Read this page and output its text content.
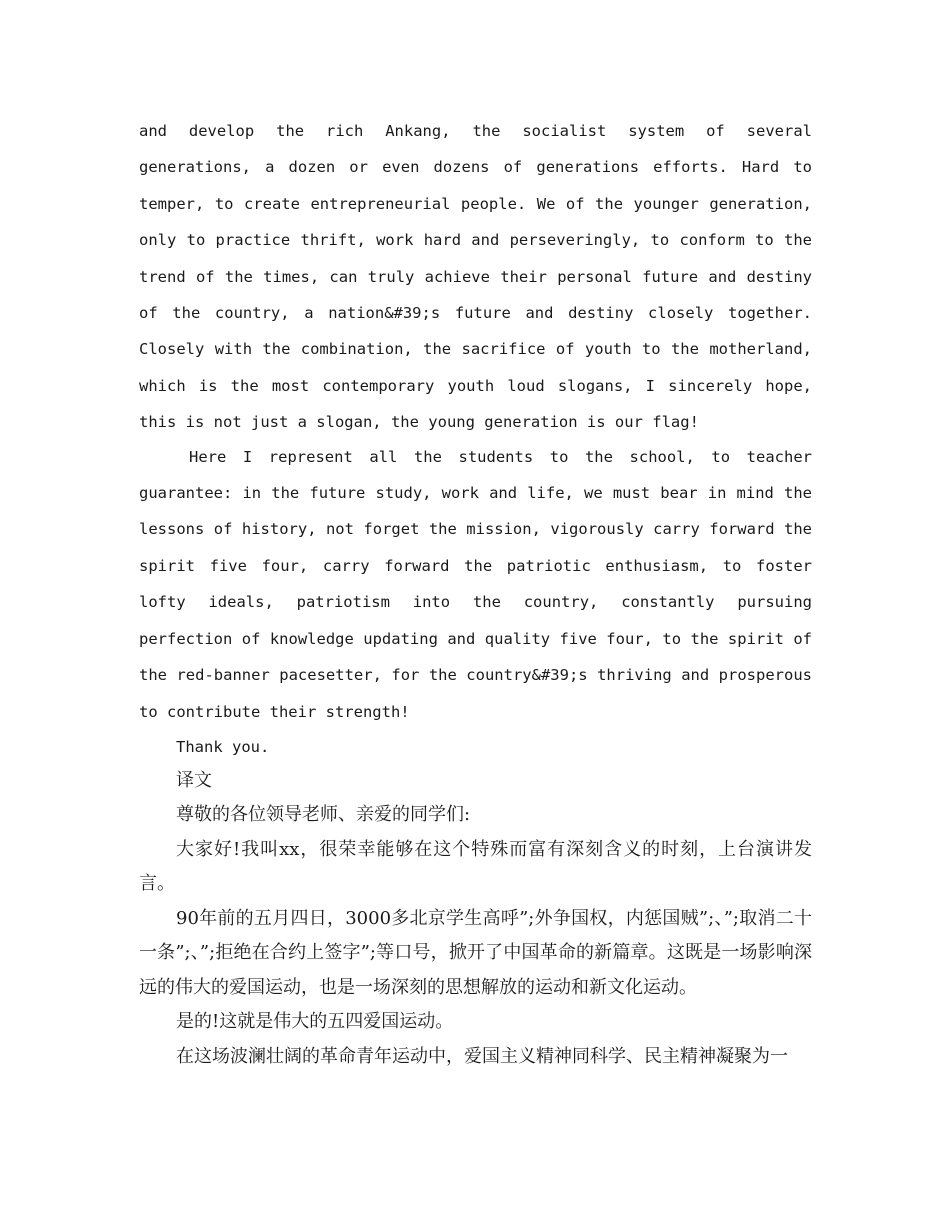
and develop the rich Ankang, the socialist system of several generations, a dozen or even dozens of generations efforts. Hard to temper, to create entrepreneurial people. We of the younger generation, only to practice thrift, work hard and perseveringly, to conform to the trend of the times, can truly achieve their personal future and destiny of the country, a nation&#39;s future and destiny closely together. Closely with the combination, the sacrifice of youth to the motherland, which is the most contemporary youth loud slogans, I sincerely hope, this is not just a slogan, the young generation is our flag!

Here I represent all the students to the school, to teacher guarantee: in the future study, work and life, we must bear in mind the lessons of history, not forget the mission, vigorously carry forward the spirit five four, carry forward the patriotic enthusiasm, to foster lofty ideals, patriotism into the country, constantly pursuing perfection of knowledge updating and quality five four, to the spirit of the red-banner pacesetter, for the country&#39;s thriving and prosperous to contribute their strength!

Thank you.

译文

尊敬的各位领导老师、亲爱的同学们:

大家好!我叫xx，很荣幸能够在这个特殊而富有深刻含义的时刻，上台演讲发言。

90年前的五月四日，3000多北京学生高呼”;外争国权，内惩国贼”;、”;取消二十一条”;、”;拒绝在合约上签字”;等口号，掀开了中国革命的新篇章。这既是一场影响深远的伟大的爱国运动，也是一场深刻的思想解放的运动和新文化运动。

是的!这就是伟大的五四爱国运动。

在这场波澜壮阔的革命青年运动中，爱国主义精神同科学、民主精神凝聚为一
